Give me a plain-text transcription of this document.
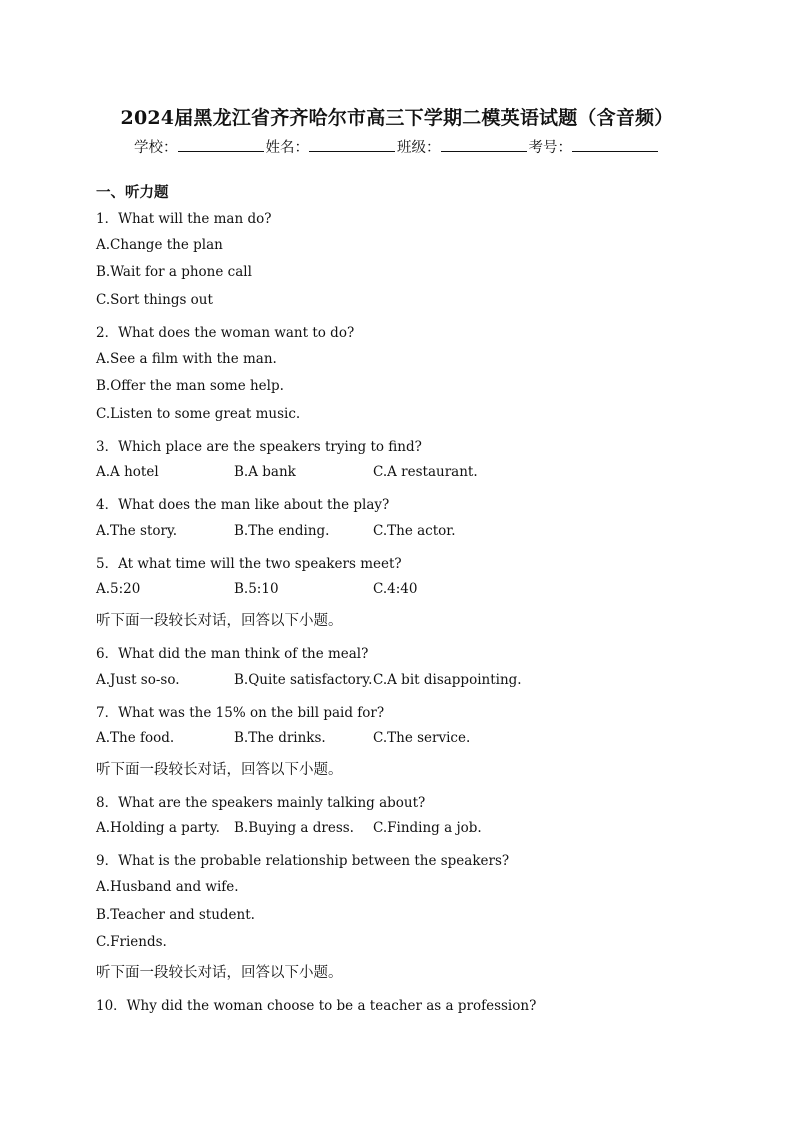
2024届黑龙江省齐齐哈尔市高三下学期二模英语试题（含音频）
学校：	姓名：	班级：	考号：
一、听力题
1．What will the man do?
A.Change the plan
B.Wait for a phone call
C.Sort things out
2．What does the woman want to do?
A.See a film with the man.
B.Offer the man some help.
C.Listen to some great music.
3．Which place are the speakers trying to find?
A.A hotel	B.A bank	C.A restaurant.
4．What does the man like about the play?
A.The story.	B.The ending.	C.The actor.
5．At what time will the two speakers meet?
A.5:20	B.5:10	C.4:40
听下面一段较长对话，回答以下小题。
6．What did the man think of the meal?
A.Just so-so.	B.Quite satisfactory.C.A bit disappointing.
7．What was the 15% on the bill paid for?
A.The food.	B.The drinks.	C.The service.
听下面一段较长对话，回答以下小题。
8．What are the speakers mainly talking about?
A.Holding a party. B.Buying a dress. C.Finding a job.
9．What is the probable relationship between the speakers?
A.Husband and wife.
B.Teacher and student.
C.Friends.
听下面一段较长对话，回答以下小题。
10．Why did the woman choose to be a teacher as a profession?
